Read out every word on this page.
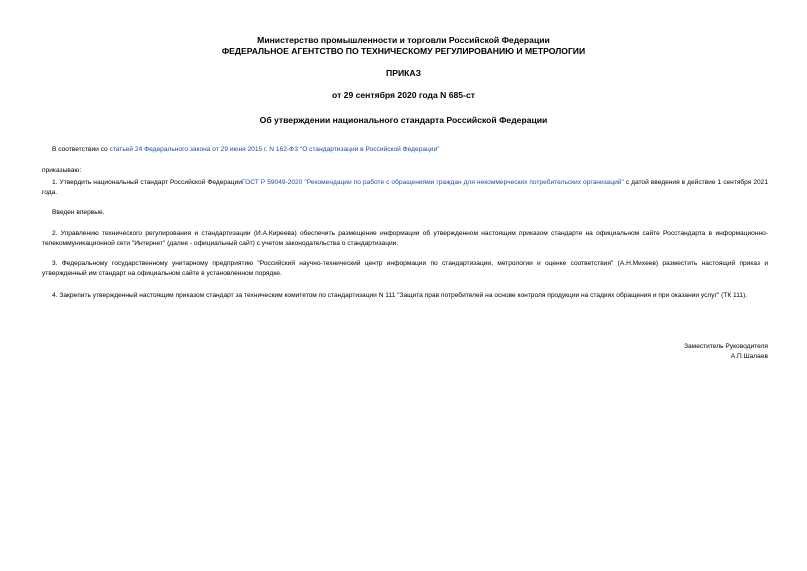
Министерство промышленности и торговли Российской Федерации
ФЕДЕРАЛЬНОЕ АГЕНТСТВО ПО ТЕХНИЧЕСКОМУ РЕГУЛИРОВАНИЮ И МЕТРОЛОГИИ
ПРИКАЗ
от 29 сентября 2020 года N 685-ст
Об утверждении национального стандарта Российской Федерации
В соответствии со статьей 24 Федерального закона от 29 июня 2015 г. N 162-ФЗ "О стандартизации в Российской Федерации"
приказываю:
1. Утвердить национальный стандарт Российской ФедерацииГОСТ Р 59049-2020 "Рекомендации по работе с обращениями граждан для некоммерческих потребительских организаций" с датой введения в действие 1 сентября 2021 года.
Введен впервые.
2. Управлению технического регулирования и стандартизации (И.А.Киреева) обеспечить размещение информации об утвержденном настоящим приказом стандарте на официальном сайте Росстандарта в информационно-телекоммуникационной сети "Интернет" (далее - официальный сайт) с учетом законодательства о стандартизации.
3. Федеральному государственному унитарному предприятию "Российский научно-технический центр информации по стандартизации, метрологии и оценке соответствия" (А.Н.Михеев) разместить настоящий приказ и утвержденный им стандарт на официальном сайте в установленном порядке.
4. Закрепить утвержденный настоящим приказом стандарт за техническим комитетом по стандартизации N 111 "Защита прав потребителей на основе контроля продукции на стадиях обращения и при оказании услуг" (ТК 111).
Заместитель Руководителя
А.П.Шалаев
